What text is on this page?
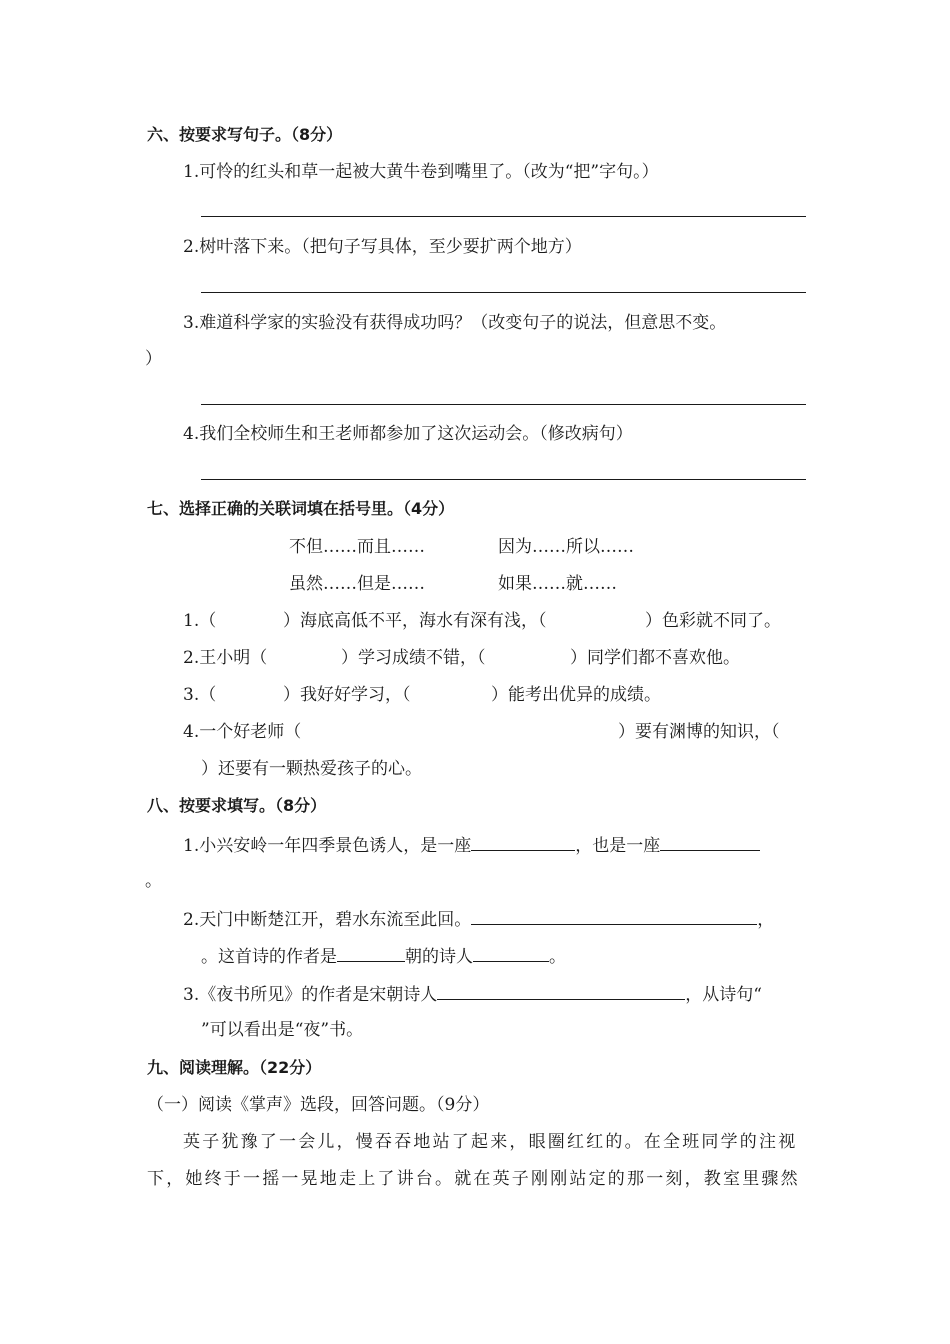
六、按要求写句子。（8分）
1.可怜的红头和草一起被大黄牛卷到嘴里了。（改为“把”字句。）
2.树叶落下来。（把句子写具体，至少要扩两个地方）
3.难道科学家的实验没有获得成功吗？（改变句子的说法，但意思不变。
）
4.我们全校师生和王老师都参加了这次运动会。（修改病句）
七、选择正确的关联词填在括号里。（4分）
不但……而且……	因为……所以……
虽然……但是……	如果……就……
1.（	）海底高低不平，海水有深有浅，（	）色彩就不同了。
2.王小明（	）学习成绩不错，（	）同学们都不喜欢他。
3.（	）我好好学习，（	）能考出优异的成绩。
4.一个好老师（	）要有渊博的知识，（
）还要有一颗热爱孩子的心。
八、按要求填写。（8分）
1.小兴安岭一年四季景色诱人，是一座	，也是一座
。
2.天门中断楚江开，碧水东流至此回。	，
。这首诗的作者是	朝的诗人	。
3.《夜书所见》的作者是宋朝诗人	，从诗句“
”可以看出是“夜”书。
九、阅读理解。（22分）
（一）阅读《掌声》选段，回答问题。（9分）
英子犹豫了一会儿，慢吞吞地站了起来，眼圈红红的。在全班同学的注视
下，她终于一摇一晃地走上了讲台。就在英子刚刚站定的那一刻，教室里骤然
